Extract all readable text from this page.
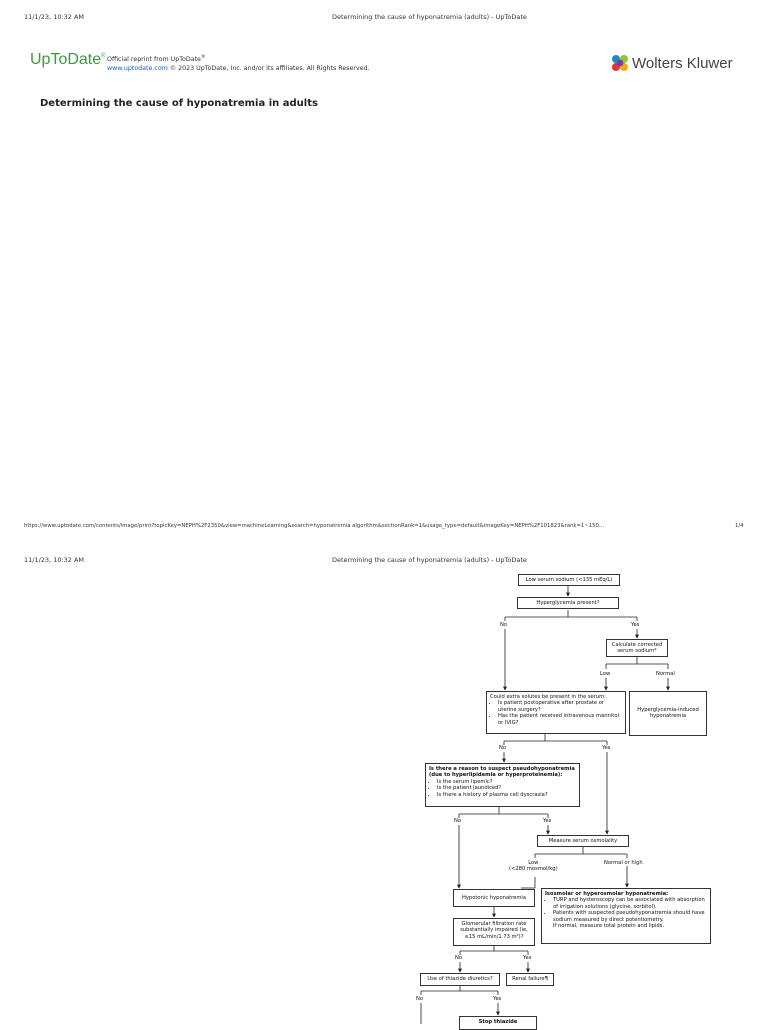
11/1/23, 10:32 AM	Determining the cause of hyponatremia (adults) - UpToDate
UpToDate® Official reprint from UpToDate®
www.uptodate.com © 2023 UpToDate, Inc. and/or its affiliates. All Rights Reserved.	Wolters Kluwer
Determining the cause of hyponatremia in adults
https://www.uptodate.com/contents/image/print?topicKey=NEPH%2F2350&view=machineLearning&search=hyponatremia algorithm&sectionRank=1&usage_type=default&imageKey=NEPH%2F101823&rank=1~150…	1/4
11/1/23, 10:32 AM	Determining the cause of hyponatremia (adults) - UpToDate
Low serum sodium (<135 mEq/L)
Hyperglycemia present?
No	Yes
Calculate corrected serum sodium*
Low	Normal
Could extra solutes be present in the serum:
• Is patient postoperative after prostate or uterine surgery?
• Has the patient received intravenous mannitol or IVIG?
Hyperglycemia-induced hyponatremia
No	Yes
Is there a reason to suspect pseudohyponatremia (due to hyperlipidemia or hyperproteinemia):
• Is the serum lipemic?
• Is the patient jaundiced?
• Is there a history of plasma cell dyscrasia?
No	Yes
Measure serum osmolality
Low
(<280 mosmol/kg)
Normal or high
Hypotonic hyponatremia
Isosmolar or hyperosmolar hyponatremia:
• TURP and hysteroscopy can be associated with absorption of irrigation solutions (glycine, sorbitol).
• Patients with suspected pseudohyponatremia should have sodium measured by direct potentiometry.
If normal, measure total protein and lipids.
Glomerular filtration rate substantially impaired (ie, ≤15 mL/min/1.73 m²)?
No	Yes
Use of thiazide diuretics?	Renal failure¶
No	Yes
Stop thiazide
